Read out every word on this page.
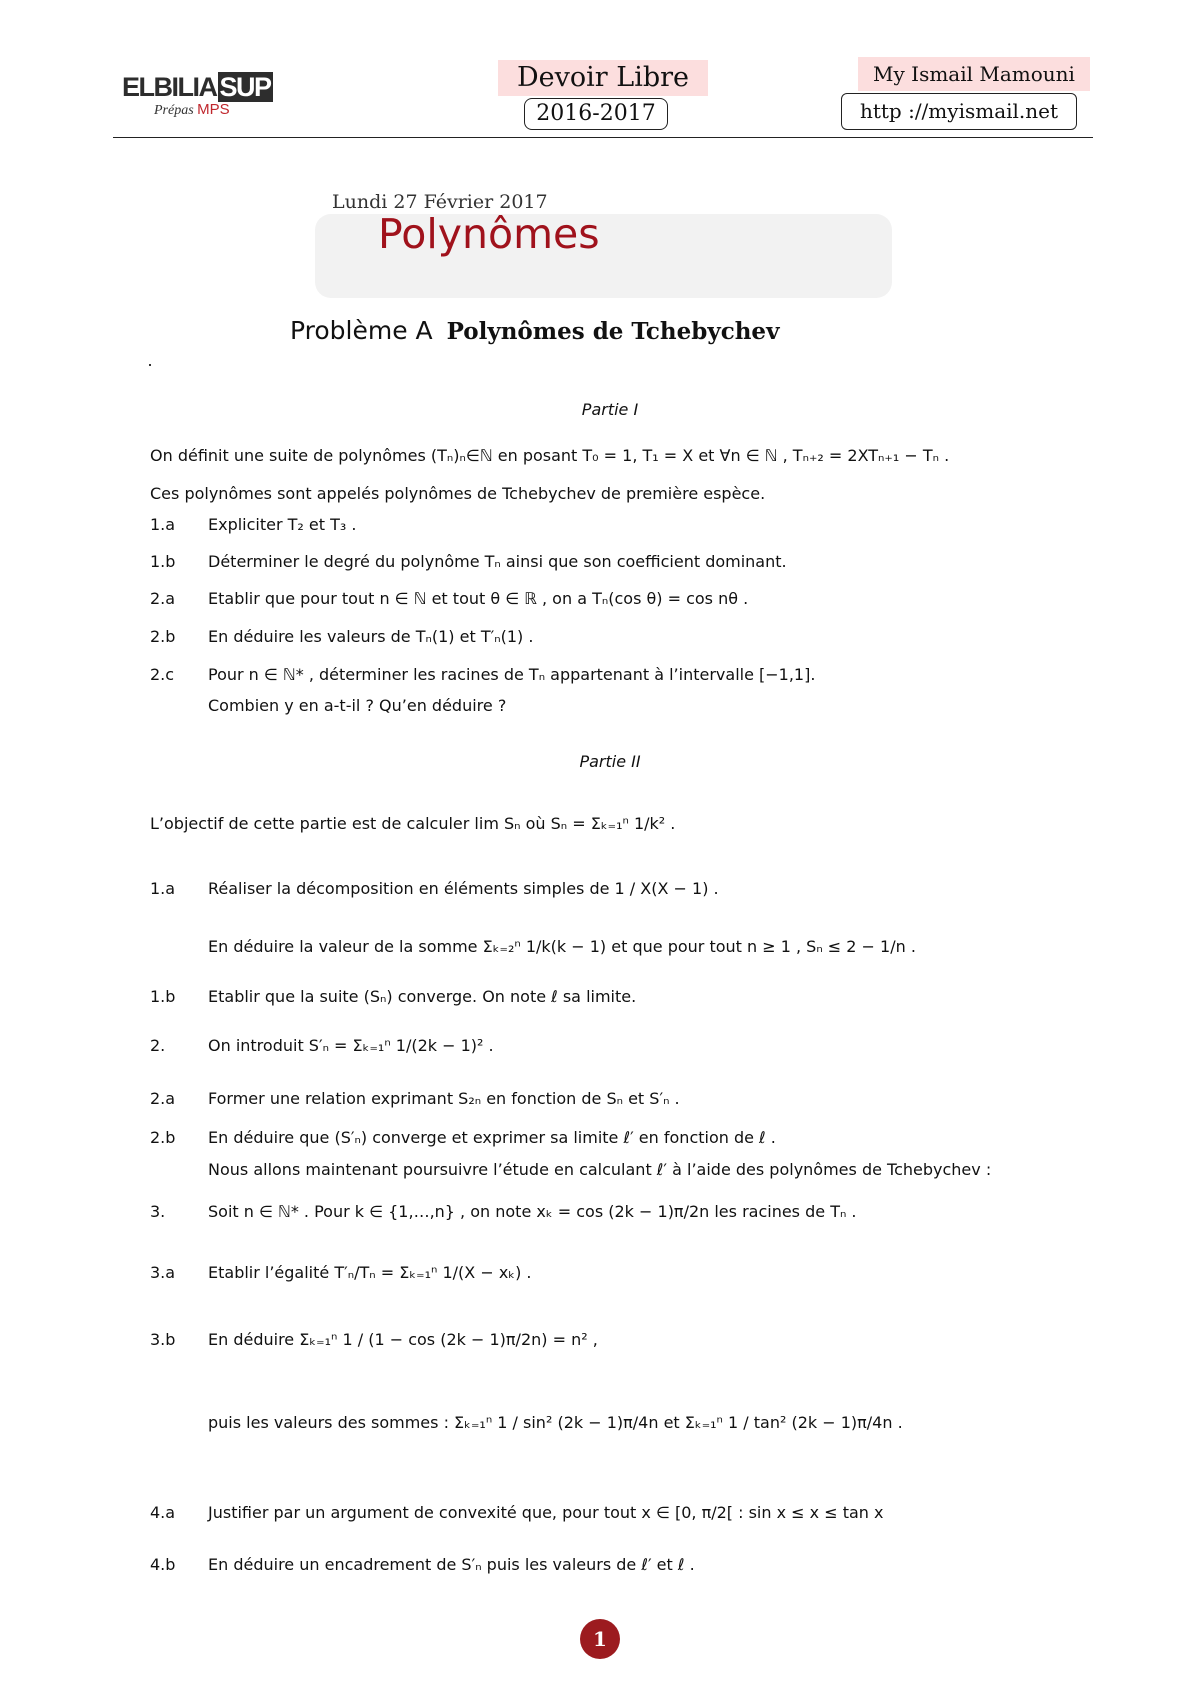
ELBILIA SUP
Prépas MPS
Devoir Libre
2016-2017
My Ismail Mamouni
http ://myismail.net
Lundi 27 Février 2017
Polynômes
Problème A Polynômes de Tchebychev
Partie I
On définit une suite de polynômes (Tₙ)ₙ∈ℕ en posant T₀ = 1, T₁ = X et ∀n ∈ ℕ , Tₙ₊₂ = 2XTₙ₊₁ − Tₙ .
Ces polynômes sont appelés polynômes de Tchebychev de première espèce.
1.a Expliciter T₂ et T₃ .
1.b Déterminer le degré du polynôme Tₙ ainsi que son coefficient dominant.
2.a Etablir que pour tout n ∈ ℕ et tout θ ∈ ℝ , on a Tₙ(cos θ) = cos nθ .
2.b En déduire les valeurs de Tₙ(1) et T′ₙ(1) .
2.c Pour n ∈ ℕ* , déterminer les racines de Tₙ appartenant à l’intervalle [−1,1].
Combien y en a-t-il ? Qu’en déduire ?
Partie II
L’objectif de cette partie est de calculer lim Sₙ où Sₙ = Σₖ₌₁ⁿ 1/k² .
1.a Réaliser la décomposition en éléments simples de 1 / X(X − 1) .
En déduire la valeur de la somme Σₖ₌₂ⁿ 1/k(k − 1) et que pour tout n ≥ 1 , Sₙ ≤ 2 − 1/n .
1.b Etablir que la suite (Sₙ) converge. On note ℓ sa limite.
2.	On introduit S′ₙ = Σₖ₌₁ⁿ 1/(2k − 1)² .
2.a Former une relation exprimant S₂ₙ en fonction de Sₙ et S′ₙ .
2.b En déduire que (S′ₙ) converge et exprimer sa limite ℓ′ en fonction de ℓ .
Nous allons maintenant poursuivre l’étude en calculant ℓ′ à l’aide des polynômes de Tchebychev :
3.	Soit n ∈ ℕ* . Pour k ∈ {1,…,n} , on note xₖ = cos (2k − 1)π/2n les racines de Tₙ .
3.a Etablir l’égalité T′ₙ/Tₙ = Σₖ₌₁ⁿ 1/(X − xₖ) .
3.b En déduire Σₖ₌₁ⁿ 1 / (1 − cos (2k − 1)π/2n) = n² ,
puis les valeurs des sommes : Σₖ₌₁ⁿ 1 / sin² (2k − 1)π/4n et Σₖ₌₁ⁿ 1 / tan² (2k − 1)π/4n .
4.a Justifier par un argument de convexité que, pour tout x ∈ [0, π/2[ : sin x ≤ x ≤ tan x
4.b En déduire un encadrement de S′ₙ puis les valeurs de ℓ′ et ℓ .
1
